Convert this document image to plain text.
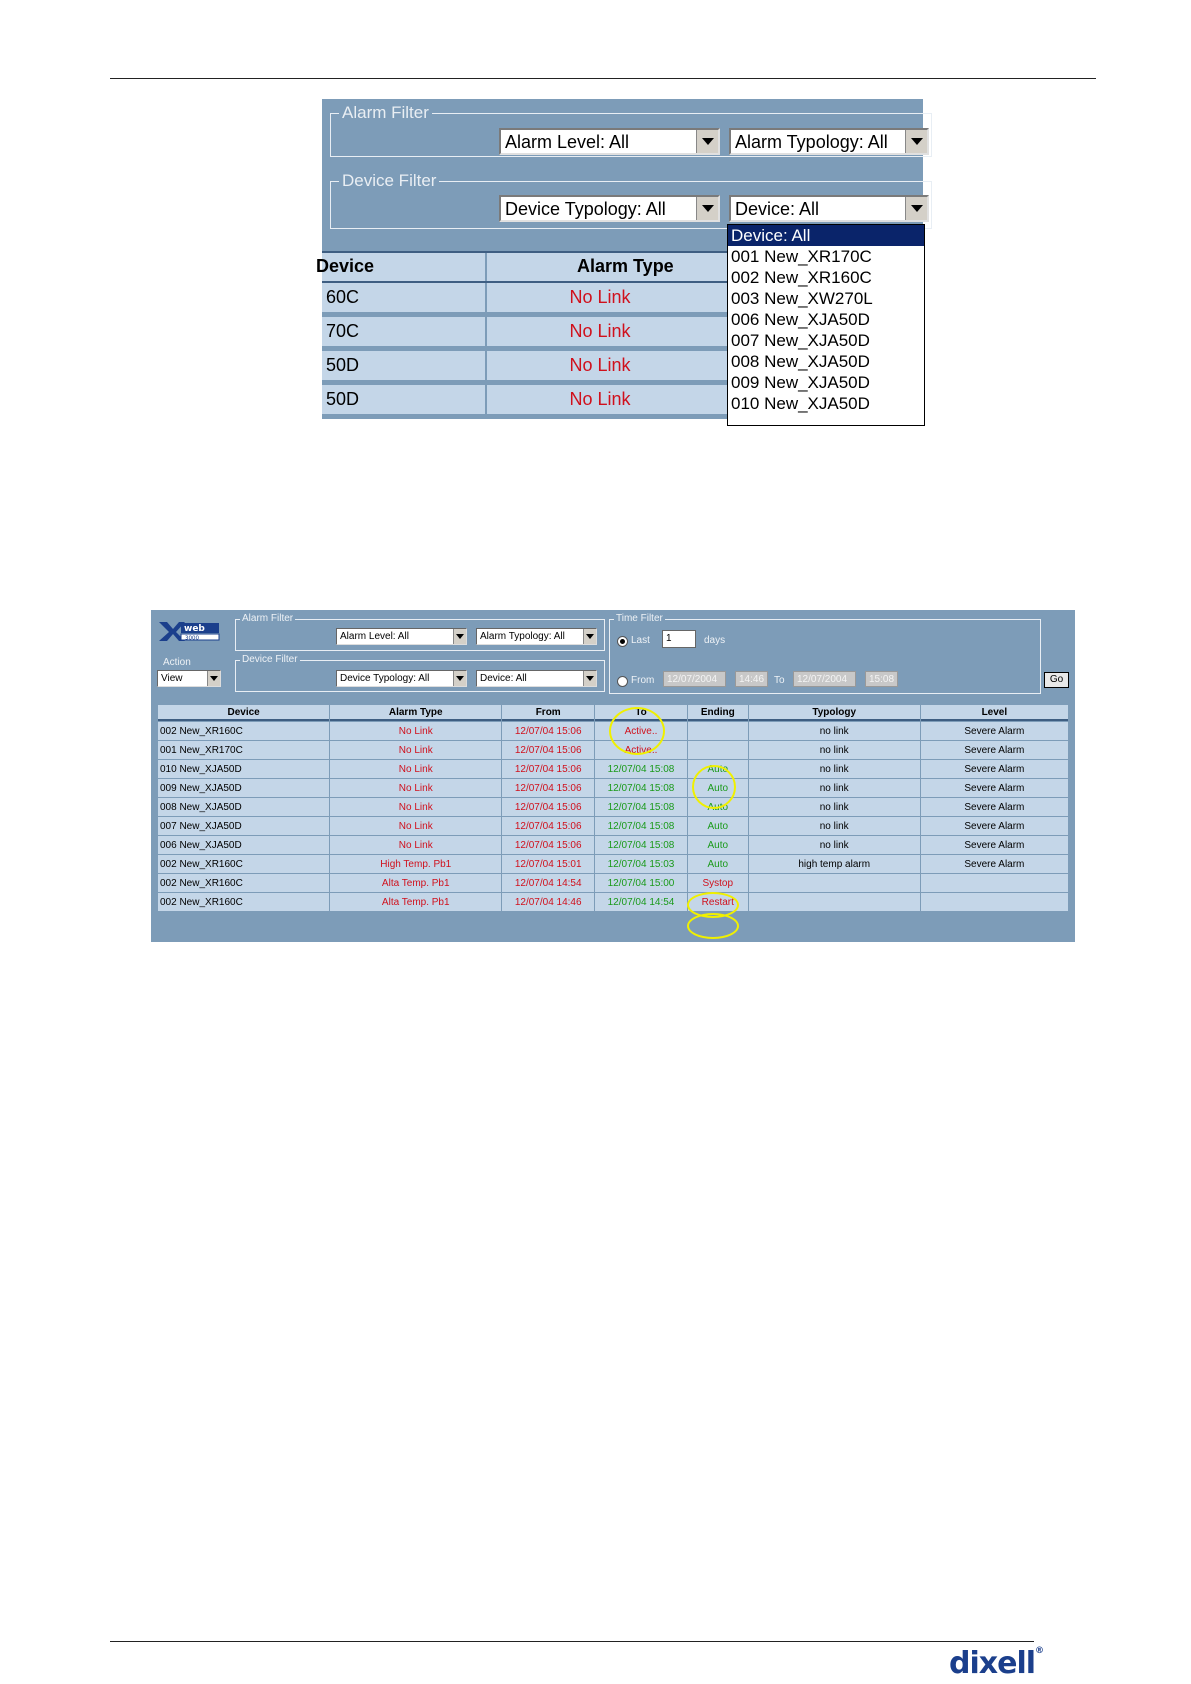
Alarm Filter
Alarm Level: All	Alarm Typology: All
Device Filter
Device Typology: All	Device: All
Device	Alarm Type
60C	No Link
70C	No Link
50D	No Link
50D	No Link
Device: All
001 New_XR170C
002 New_XR160C
003 New_XW270L
006 New_XJA50D
007 New_XJA50D
008 New_XJA50D
009 New_XJA50D
010 New_XJA50D
web
3000
Action
View
Alarm Filter
Alarm Level: All	Alarm Typology: All
Device Filter
Device Typology: All	Device: All
Time Filter
Last	1	days
From	12/07/2004	14:46 To	12/07/2004	15:08	Go
Device	Alarm Type	From	To	Ending	Typology	Level
002 New_XR160C	No Link	12/07/04 15:06	Active..		no link	Severe Alarm
001 New_XR170C	No Link	12/07/04 15:06	Active..		no link	Severe Alarm
010 New_XJA50D	No Link	12/07/04 15:06	12/07/04 15:08	Auto	no link	Severe Alarm
009 New_XJA50D	No Link	12/07/04 15:06	12/07/04 15:08	Auto	no link	Severe Alarm
008 New_XJA50D	No Link	12/07/04 15:06	12/07/04 15:08	Auto	no link	Severe Alarm
007 New_XJA50D	No Link	12/07/04 15:06	12/07/04 15:08	Auto	no link	Severe Alarm
006 New_XJA50D	No Link	12/07/04 15:06	12/07/04 15:08	Auto	no link	Severe Alarm
002 New_XR160C	High Temp. Pb1	12/07/04 15:01	12/07/04 15:03	Auto	high temp alarm	Severe Alarm
002 New_XR160C	Alta Temp. Pb1	12/07/04 14:54	12/07/04 15:00	Systop		
002 New_XR160C	Alta Temp. Pb1	12/07/04 14:46	12/07/04 14:54	Restart		
dixell®
